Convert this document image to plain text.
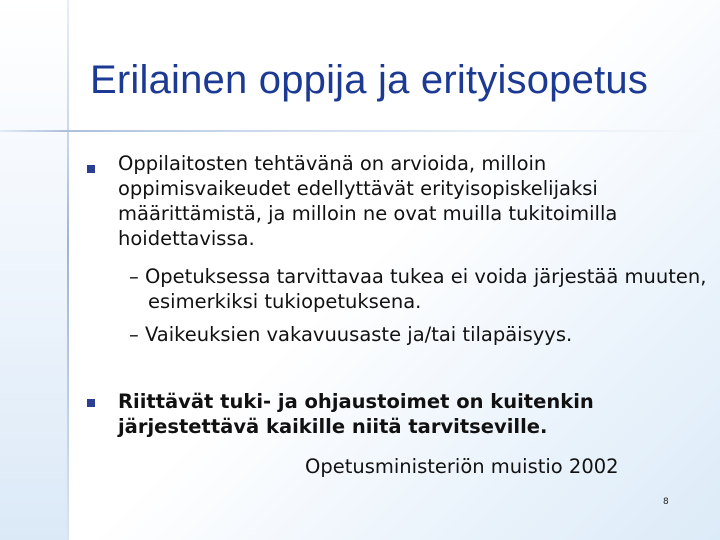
Erilainen oppija ja erityisopetus

Oppilaitosten tehtävänä on arvioida, milloin oppimisvaikeudet edellyttävät erityisopiskelijaksi määrittämistä, ja milloin ne ovat muilla tukitoimilla hoidettavissa.

– Opetuksessa tarvittavaa tukea ei voida järjestää muuten, esimerkiksi tukiopetuksena.

– Vaikeuksien vakavuusaste ja/tai tilapäisyys.

Riittävät tuki- ja ohjaustoimet on kuitenkin järjestettävä kaikille niitä tarvitseville.

Opetusministeriön muistio 2002
8
